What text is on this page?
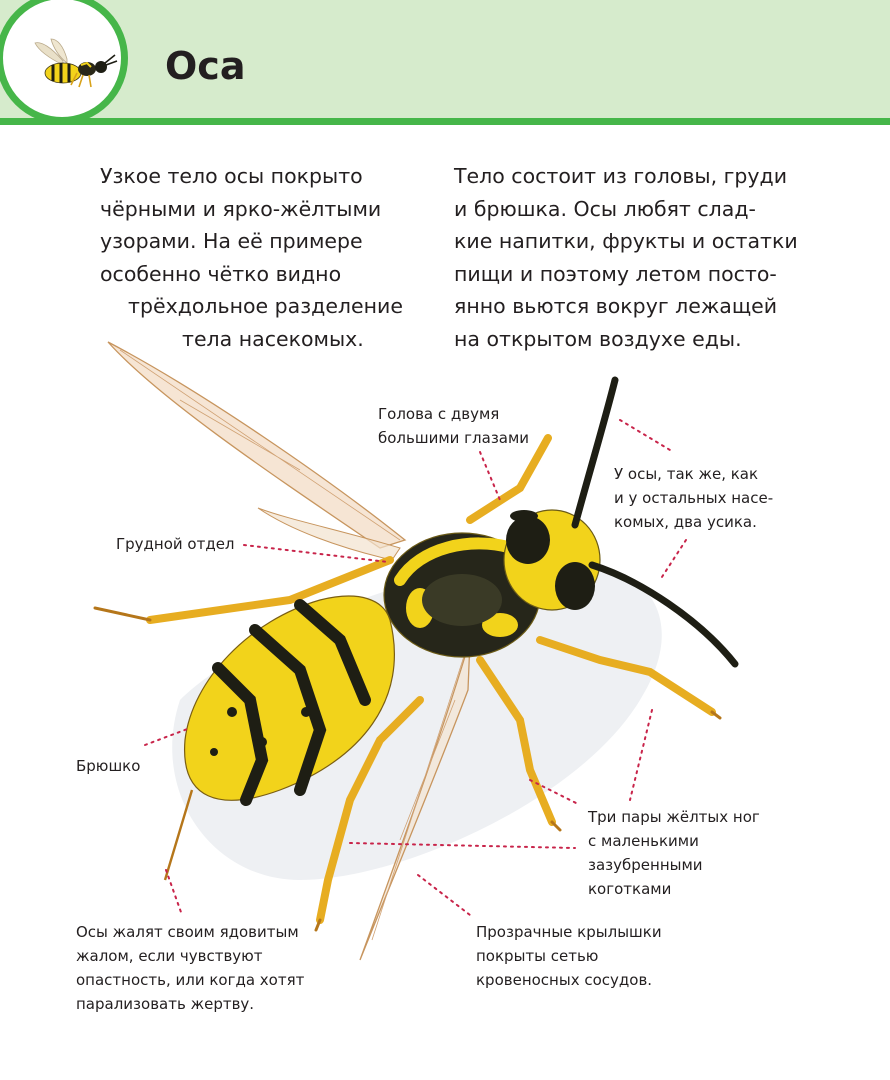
Оса
Узкое тело осы покрыто
чёрными и ярко-жёлтыми
узорами. На её примере
особенно чётко видно
трёхдольное разделение
тела насекомых.
Тело состоит из головы, груди
и брюшка. Осы любят слад-
кие напитки, фрукты и остатки
пищи и поэтому летом посто-
янно вьются вокруг лежащей
на открытом воздухе еды.
Голова с двумя
большими глазами
У осы, так же, как
и у остальных насе-
комых, два усика.
Грудной отдел
Брюшко
Три пары жёлтых ног
с маленькими
зазубренными
коготками
Осы жалят своим ядовитым
жалом, если чувствуют
опастность, или когда хотят
парализовать жертву.
Прозрачные крылышки
покрыты сетью
кровеносных сосудов.
